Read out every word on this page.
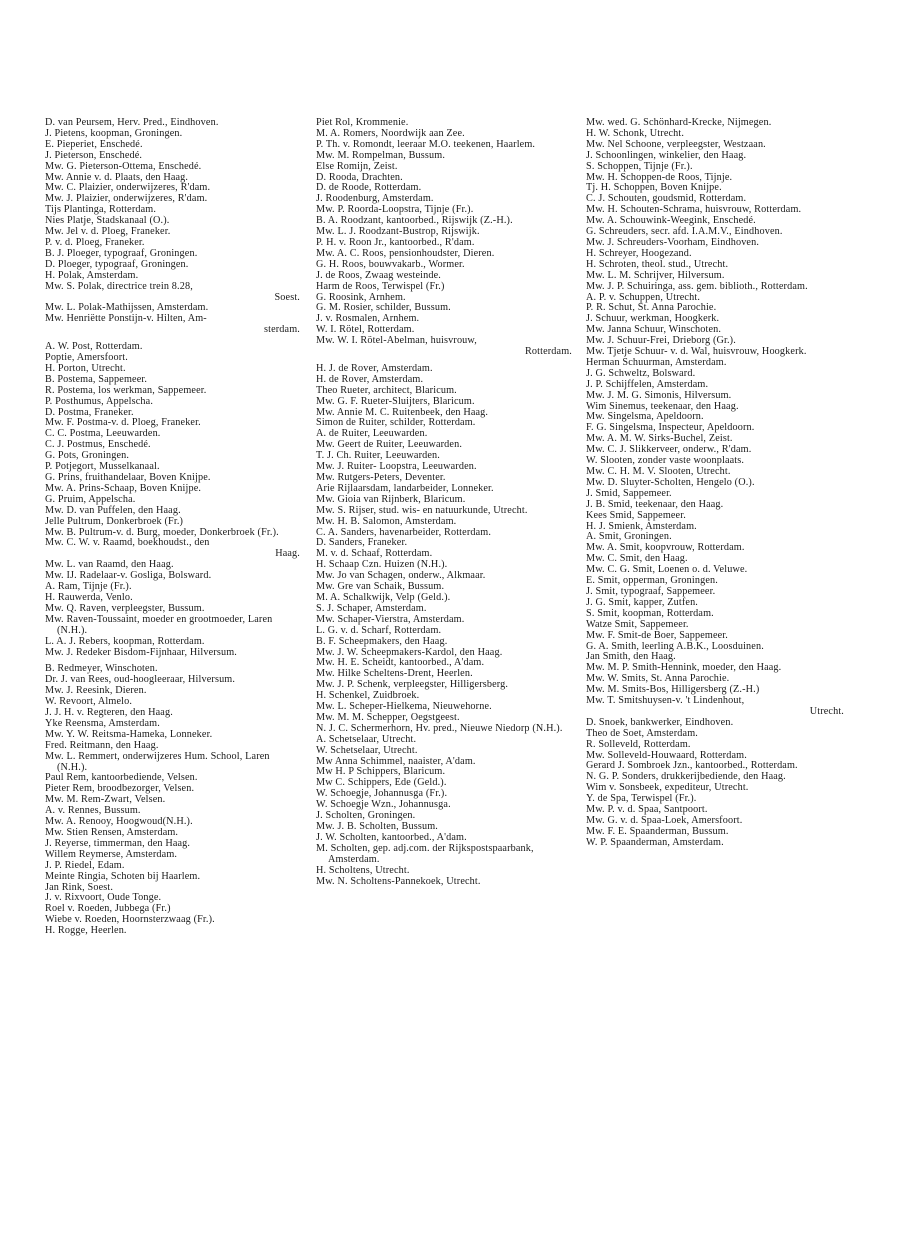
D. van Peursem, Herv. Pred., Eindhoven.
J. Pietens, koopman, Groningen.
E. Pieperiet, Enschedé.
J. Pieterson, Enschedé.
Mw. G. Pieterson-Ottema, Enschedé.
Mw. Annie v. d. Plaats, den Haag.
Mw. C. Plaizier, onderwijzeres, R'dam.
Mw. J. Plaizier, onderwijzeres, R'dam.
Tijs Plantinga, Rotterdam.
Nies Platje, Stadskanaal (O.).
Mw. Jel v. d. Ploeg, Franeker.
P. v. d. Ploeg, Franeker.
B. J. Ploeger, typograaf, Groningen.
D. Ploeger, typograaf, Groningen.
H. Polak, Amsterdam.
Mw. S. Polak, directrice trein 8.28,
Soest.
Mw. L. Polak-Mathijssen, Amsterdam.
Mw. Henriëtte Ponstijn-v. Hilten, Am-
sterdam.
A. W. Post, Rotterdam.
Poptie, Amersfoort.
H. Porton, Utrecht.
B. Postema, Sappemeer.
R. Postema, los werkman, Sappemeer.
P. Posthumus, Appelscha.
D. Postma, Franeker.
Mw. F. Postma-v. d. Ploeg, Franeker.
C. C. Postma, Leeuwarden.
C. J. Postmus, Enschedé.
G. Pots, Groningen.
P. Potjegort, Musselkanaal.
G. Prins, fruithandelaar, Boven Knijpe.
Mw. A. Prins-Schaap, Boven Knijpe.
G. Pruim, Appelscha.
Mw. D. van Puffelen, den Haag.
Jelle Pultrum, Donkerbroek (Fr.)
Mw. B. Pultrum-v. d. Burg, moeder, Donkerbroek (Fr.).
Mw. C. W. v. Raamd, boekhoudst., den
Haag.
Mw. L. van Raamd, den Haag.
Mw. IJ. Radelaar-v. Gosliga, Bolsward.
A. Ram, Tijnje (Fr.).
H. Rauwerda, Venlo.
Mw. Q. Raven, verpleegster, Bussum.
Mw. Raven-Toussaint, moeder en grootmoeder, Laren (N.H.).
L. A. J. Rebers, koopman, Rotterdam.
Mw. J. Redeker Bisdom-Fijnhaar, Hilversum.
B. Redmeyer, Winschoten.
Dr. J. van Rees, oud-hoogleeraar, Hilversum.
Mw. J. Reesink, Dieren.
W. Revoort, Almelo.
J. J. H. v. Regteren, den Haag.
Yke Reensma, Amsterdam.
Mw. Y. W. Reitsma-Hameka, Lonneker.
Fred. Reitmann, den Haag.
Mw. L. Remmert, onderwijzeres Hum. School, Laren (N.H.).
Paul Rem, kantoorbediende, Velsen.
Pieter Rem, broodbezorger, Velsen.
Mw. M. Rem-Zwart, Velsen.
A. v. Rennes, Bussum.
Mw. A. Renooy, Hoogwoud(N.H.).
Mw. Stien Rensen, Amsterdam.
J. Reyerse, timmerman, den Haag.
Willem Reymerse, Amsterdam.
J. P. Riedel, Edam.
Meinte Ringia, Schoten bij Haarlem.
Jan Rink, Soest.
J. v. Rixvoort, Oude Tonge.
Roel v. Roeden, Jubbega (Fr.)
Wiebe v. Roeden, Hoornsterzwaag (Fr.).
H. Rogge, Heerlen.
Piet Rol, Krommenie.
M. A. Romers, Noordwijk aan Zee.
P. Th. v. Romondt, leeraar M.O. teekenen, Haarlem.
Mw. M. Rompelman, Bussum.
Else Romijn, Zeist.
D. Rooda, Drachten.
D. de Roode, Rotterdam.
J. Roodenburg, Amsterdam.
Mw. P. Roorda-Loopstra, Tijnje (Fr.).
B. A. Roodzant, kantoorbed., Rijswijk (Z.-H.).
Mw. L. J. Roodzant-Bustrop, Rijswijk.
P. H. v. Roon Jr., kantoorbed., R'dam.
Mw. A. C. Roos, pensionhoudster, Dieren.
G. H. Roos, bouwvakarb., Wormer.
J. de Roos, Zwaag westeinde.
Harm de Roos, Terwispel (Fr.)
G. Roosink, Arnhem.
G. M. Rosier, schilder, Bussum.
J. v. Rosmalen, Arnhem.
W. I. Rötel, Rotterdam.
Mw. W. I. Rötel-Abelman, huisvrouw,
Rotterdam.
H. J. de Rover, Amsterdam.
H. de Rover, Amsterdam.
Theo Rueter, architect, Blaricum.
Mw. G. F. Rueter-Sluijters, Blaricum.
Mw. Annie M. C. Ruitenbeek, den Haag.
Simon de Ruiter, schilder, Rotterdam.
A. de Ruiter, Leeuwarden.
Mw. Geert de Ruiter, Leeuwarden.
T. J. Ch. Ruiter, Leeuwarden.
Mw. J. Ruiter- Loopstra, Leeuwarden.
Mw. Rutgers-Peters, Deventer.
Arie Rijlaarsdam, landarbeider, Lonneker.
Mw. Gioia van Rijnberk, Blaricum.
Mw. S. Rijser, stud. wis- en natuurkunde, Utrecht.
Mw. H. B. Salomon, Amsterdam.
C. A. Sanders, havenarbeider, Rotterdam.
D. Sanders, Franeker.
M. v. d. Schaaf, Rotterdam.
H. Schaap Czn. Huizen (N.H.).
Mw. Jo van Schagen, onderw., Alkmaar.
Mw. Gre van Schaik, Bussum.
M. A. Schalkwijk, Velp (Geld.).
S. J. Schaper, Amsterdam.
Mw. Schaper-Vierstra, Amsterdam.
L. G. v. d. Scharf, Rotterdam.
B. F. Scheepmakers, den Haag.
Mw. J. W. Scheepmakers-Kardol, den Haag.
Mw. H. E. Scheidt, kantoorbed., A'dam.
Mw. Hilke Scheltens-Drent, Heerlen.
Mw. J. P. Schenk, verpleegster, Hilligersberg.
H. Schenkel, Zuidbroek.
Mw. L. Scheper-Hielkema, Nieuwehorne.
Mw. M. M. Schepper, Oegstgeest.
N. J. C. Schermerhorn, Hv. pred., Nieuwe Niedorp (N.H.).
A. Schetselaar, Utrecht.
W. Schetselaar, Utrecht.
Mw Anna Schimmel, naaister, A'dam.
Mw H. P Schippers, Blaricum.
Mw C. Schippers, Ede (Geld.).
W. Schoegje, Johannusga (Fr.).
W. Schoegje Wzn., Johannusga.
J. Scholten, Groningen.
Mw. J. B. Scholten, Bussum.
J. W. Scholten, kantoorbed., A'dam.
M. Scholten, gep. adj.com. der Rijkspostspaarbank, Amsterdam.
H. Scholtens, Utrecht.
Mw. N. Scholtens-Pannekoek, Utrecht.
Mw. wed. G. Schönhard-Krecke, Nijmegen.
H. W. Schonk, Utrecht.
Mw. Nel Schoone, verpleegster, Westzaan.
J. Schoonlingen, winkelier, den Haag.
S. Schoppen, Tijnje (Fr.).
Mw. H. Schoppen-de Roos, Tijnje.
Tj. H. Schoppen, Boven Knijpe.
C. J. Schouten, goudsmid, Rotterdam.
Mw. H. Schouten-Schrama, huisvrouw, Rotterdam.
Mw. A. Schouwink-Weegink, Enschedé.
G. Schreuders, secr. afd. I.A.M.V., Eindhoven.
Mw. J. Schreuders-Voorham, Eindhoven.
H. Schreyer, Hoogezand.
H. Schroten, theol. stud., Utrecht.
Mw. L. M. Schrijver, Hilversum.
Mw. J. P. Schuiringa, ass. gem. biblioth., Rotterdam.
A. P. v. Schuppen, Utrecht.
P. R. Schut, St. Anna Parochie.
J. Schuur, werkman, Hoogkerk.
Mw. Janna Schuur, Winschoten.
Mw. J. Schuur-Frei, Drieborg (Gr.).
Mw. Tjetje Schuur- v. d. Wal, huisvrouw, Hoogkerk.
Herman Schuurman, Amsterdam.
J. G. Schweltz, Bolsward.
J. P. Schijffelen, Amsterdam.
Mw. J. M. G. Simonis, Hilversum.
Wim Sinemus, teekenaar, den Haag.
Mw. Singelsma, Apeldoorn.
F. G. Singelsma, Inspecteur, Apeldoorn.
Mw. A. M. W. Sirks-Buchel, Zeist.
Mw. C. J. Slikkerveer, onderw., R'dam.
W. Slooten, zonder vaste woonplaats.
Mw. C. H. M. V. Slooten, Utrecht.
Mw. D. Sluyter-Scholten, Hengelo (O.).
J. Smid, Sappemeer.
J. B. Smid, teekenaar, den Haag.
Kees Smid, Sappemeer.
H. J. Smienk, Amsterdam.
A. Smit, Groningen.
Mw. A. Smit, koopvrouw, Rotterdam.
Mw. C. Smit, den Haag.
Mw. C. G. Smit, Loenen o. d. Veluwe.
E. Smit, opperman, Groningen.
J. Smit, typograaf, Sappemeer.
J. G. Smit, kapper, Zutfen.
S. Smit, koopman, Rotterdam.
Watze Smit, Sappemeer.
Mw. F. Smit-de Boer, Sappemeer.
G. A. Smith, leerling A.B.K., Loosduinen.
Jan Smith, den Haag.
Mw. M. P. Smith-Hennink, moeder, den Haag.
Mw. W. Smits, St. Anna Parochie.
Mw. M. Smits-Bos, Hilligersberg (Z.-H.)
Mw. T. Smitshuysen-v. 't Lindenhout,
Utrecht.
D. Snoek, bankwerker, Eindhoven.
Theo de Soet, Amsterdam.
R. Solleveld, Rotterdam.
Mw. Solleveld-Houwaard, Rotterdam.
Gerard J. Sombroek Jzn., kantoorbed., Rotterdam.
N. G. P. Sonders, drukkerijbediende, den Haag.
Wim v. Sonsbeek, expediteur, Utrecht.
Y. de Spa, Terwispel (Fr.).
Mw. P. v. d. Spaa, Santpoort.
Mw. G. v. d. Spaa-Loek, Amersfoort.
Mw. F. E. Spaanderman, Bussum.
W. P. Spaanderman, Amsterdam.
